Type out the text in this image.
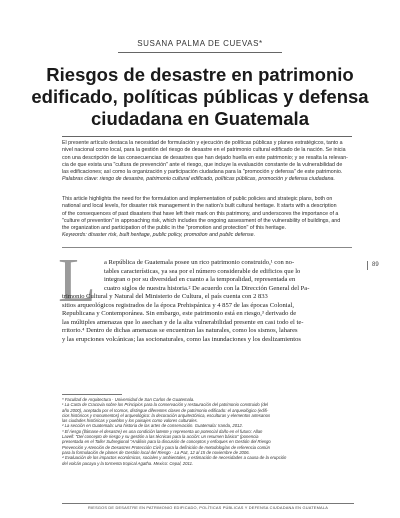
SUSANA PALMA DE CUEVAS*
Riesgos de desastre en patrimonio
edificado, políticas públicas y defensa
ciudadana en Guatemala
El presente artículo destaca la necesidad de formulación y ejecución de políticas públicas y planes estratégicos, tanto a
nivel nacional como local, para la gestión del riesgo de desastre en el patrimonio cultural edificado de la nación. Se inicia
con una descripción de las consecuencias de desastres que han dejado huella en este patrimonio; y se resalta la relevan-
cia de que exista una "cultura de prevención" ante el riesgo, que incluye la evaluación constante de la vulnerabilidad de
las edificaciones; así como la organización y participación ciudadana para la "promoción y defensa" de este patrimonio.
Palabras clave: riesgo de desastre, patrimonio cultural edificado, políticas públicas, promoción y defensa ciudadana.
This article highlights the need for the formulation and implementation of public policies and strategic plans, both on
national and local levels, for disaster risk management in the nation's built cultural heritage. It starts with a description
of the consequences of past disasters that have left their mark on this patrimony, and underscores the importance of a
"culture of prevention" in approaching risk, which includes the ongoing assessment of the vulnerability of buildings, and
the organization and participation of the public in the "promotion and protection" of this heritage.
Keywords: disaster risk, built heritage, public policy, promotion and public defense.
L	a República de Guatemala posee un rico patrimonio construido,¹ con no-
tables características, ya sea por el número considerable de edificios que lo
integran o por su diversidad en cuanto a la temporalidad, representada en
cuatro siglos de nuestra historia.² De acuerdo con la Dirección General del Pa-
trimonio Cultural y Natural del Ministerio de Cultura, el país cuenta con 2 833
sitios arqueológicos registrados de la época Prehispánica y 4 857 de las épocas Colonial,
Republicana y Contemporánea. Sin embargo, este patrimonio está en riesgo,³ derivado de
las múltiples amenazas que lo asechan y de la alta vulnerabilidad presente en casi todo el te-
rritorio.⁴ Dentro de dichas amenazas se encuentran las naturales, como los sismos, lahares
y las erupciones volcánicas; las socionaturales, como las inundaciones y los deslizamientos
89
* Facultad de Arquitectura · Universidad de San Carlos de Guatemala.
¹ La Carta de Cracovia sobre los Principios para la conservación y restauración del patrimonio construido (del
año 2000), aceptada por el Icomos, distingue diferentes clases de patrimonio edificado: el arqueológico (edifi-
cios históricos y monumentos) el arqueológico: la decoración arquitectónica, esculturas y elementos artesanos
las ciudades históricas y pueblos y los paisajes como valores culturales.
² La sección en Guatemala: una historia de las artes de conservación. Guatemala: Iranda, 2012.
³ El riesgo (llámase el desastre) es una condición latente y representa un potencial daño en el futuro: Allan
Lavell: "Del concepto de riesgo y su gestión a las técnicas para la acción: un resumen básico" (ponencia
presentada en el Taller Subregional "Análisis para la discusión de conceptos y enfoques en Gestión del Riesgo
Prevención y Atención de Desastres Protección Civil y para la definición de metodologías de referencia común
para la formulación de planes de Gestión local del Riesgo · La Paz, 12 al 15 de noviembre de 2006.
⁴ Evaluación de los impactos económicos, sociales y ambientales, y estimación de necesidades a causa de la erupción
del volcán pacaya y la tormenta tropical Agatha. Mexico: Cepal, 2011.
RIESGOS DE DESASTRE EN PATRIMONIO EDIFICADO, POLÍTICAS PÚBLICAS Y DEFENSA CIUDADANA EN GUATEMALA
